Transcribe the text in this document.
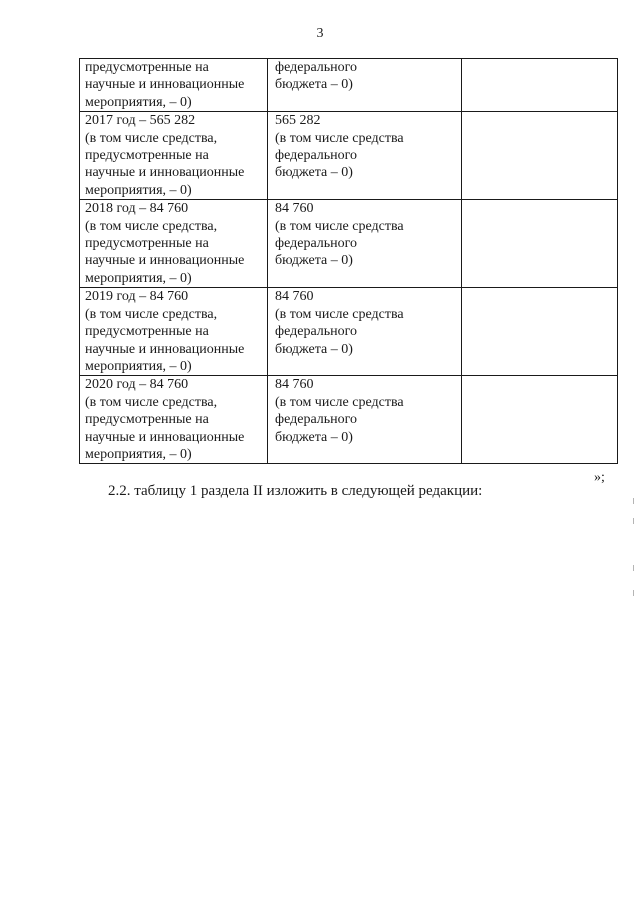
3
предусмотренные на
научные и инновационные
мероприятия, – 0)	федерального
бюджета – 0)	

2017 год – 565 282
(в том числе средства,
предусмотренные на
научные и инновационные
мероприятия, – 0)	565 282
(в том числе средства
федерального
бюджета – 0)	

2018 год – 84 760
(в том числе средства,
предусмотренные на
научные и инновационные
мероприятия, – 0)	84 760
(в том числе средства
федерального
бюджета – 0)	

2019 год – 84 760
(в том числе средства,
предусмотренные на
научные и инновационные
мероприятия, – 0)	84 760
(в том числе средства
федерального
бюджета – 0)	

2020 год – 84 760
(в том числе средства,
предусмотренные на
научные и инновационные
мероприятия, – 0)	84 760
(в том числе средства
федерального
бюджета – 0)	

»;
2.2. таблицу 1 раздела II изложить в следующей редакции:
